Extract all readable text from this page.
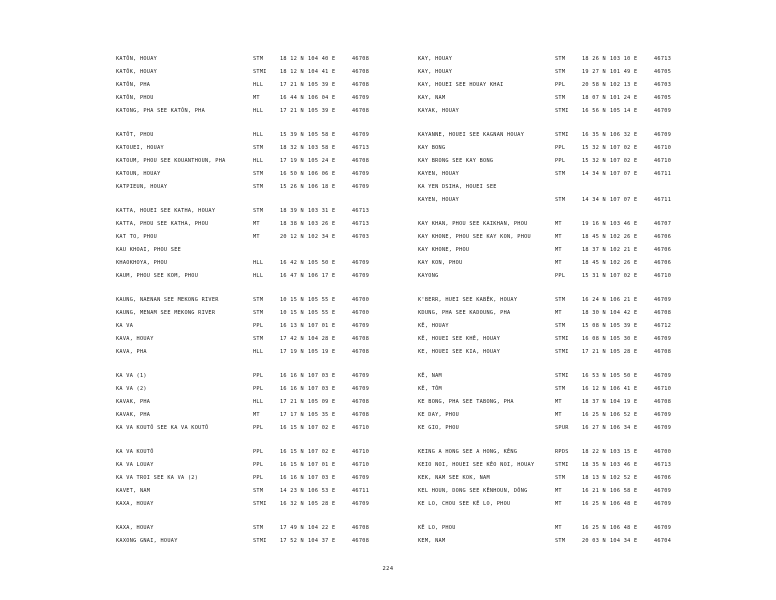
KATÔN, HOUAY	STM	18 12 N 104 40 E	46708
KATÔK, HOUAY	STMI	18 12 N 104 41 E	46708
KATÔN, PHA	HLL	17 21 N 105 39 E	46708
KATÔN, PHOU	MT	16 44 N 106 04 E	46709
KATONG, PHA SEE KATÔN, PHA	HLL	17 21 N 105 39 E	46708
KATÔT, PHOU	HLL	15 39 N 105 58 E	46709
KATOUEI, HOUAY	STM	18 32 N 103 58 E	46713
KATOUM, PHOU SEE KOUANTHOUN, PHA	HLL	17 19 N 105 24 E	46708
KATOUN, HOUAY	STM	16 50 N 106 06 E	46709
KATPIEUN, HOUAY	STM	15 26 N 106 18 E	46709
KATTA, HOUEI SEE KATHA, HOUAY	STM	18 39 N 103 31 E	46713
KATTA, PHOU SEE KATHA, PHOU	MT	18 38 N 103 26 E	46713
KAT TO, PHOU	MT	20 12 N 102 34 E	46703
KAU KHOAI, PHOU SEE
KHAOKHOYA, PHOU	HLL	16 42 N 105 50 E	46709
KAUM, PHOU SEE KOM, PHOU	HLL	16 47 N 106 17 E	46709
KAUNG, NAENAN SEE MEKONG RIVER	STM	10 15 N 105 55 E	46700
KAUNG, MENAM SEE MEKONG RIVER	STM	10 15 N 105 55 E	46700
KA VA	PPL	16 13 N 107 01 E	46709
KAVA, HOUAY	STM	17 42 N 104 28 E	46708
KAVA, PHA	HLL	17 19 N 105 19 E	46708
KA VA (1)	PPL	16 16 N 107 03 E	46709
KA VA (2)	PPL	16 16 N 107 03 E	46709
KAVAK, PHA	HLL	17 21 N 105 09 E	46708
KAVAK, PHA	MT	17 17 N 105 35 E	46708
KA VA KOUTÔ SEE KA VA KOUTÔ	PPL	16 15 N 107 02 E	46710
KA VA KOUTÔ	PPL	16 15 N 107 02 E	46710
KA VA LOUAY	PPL	16 15 N 107 01 E	46710
KA VA TROI SEE KA VA (2)	PPL	16 16 N 107 03 E	46709
KAVET, NAM	STM	14 23 N 106 53 E	46711
KAXA, HOUAY	STMI	16 32 N 105 28 E	46709
KAXA, HOUAY	STM	17 49 N 104 22 E	46708
KAXONG GNAI, HOUAY	STMI	17 52 N 104 37 E	46708
KAY, HOUAY	STM	18 26 N 103 10 E	46713
KAY, HOUAY	STM	19 27 N 101 49 E	46705
KAY, HOUEI SEE HOUAY KHAI	PPL	20 58 N 102 13 E	46703
KAY, NAM	STM	18 07 N 101 24 E	46705
KAYAK, HOUAY	STMI	16 56 N 105 14 E	46709
KAYANNE, HOUEI SEE KAGNAN HOUAY	STMI	16 35 N 106 32 E	46709
KAY BONG	PPL	15 32 N 107 02 E	46710
KAY BRONG SEE KAY BONG	PPL	15 32 N 107 02 E	46710
KAYEN, HOUAY	STM	14 34 N 107 07 E	46711
KA YEN DSIHA, HOUEI SEE
KAYEN, HOUAY	STM	14 34 N 107 07 E	46711
KAY KHAN, PHOU SEE KAIKHAN, PHOU	MT	19 16 N 103 46 E	46707
KAY KHONE, PHOU SEE KAY KON, PHOU	MT	18 45 N 102 26 E	46706
KAY KHONE, PHOU	MT	18 37 N 102 21 E	46706
KAY KON, PHOU	MT	18 45 N 102 26 E	46706
KAYONG	PPL	15 31 N 107 02 E	46710
K'BERR, HUEI SEE KABÊK, HOUAY	STM	16 24 N 106 21 E	46709
KDUNG, PHA SEE KADOUNG, PHA	MT	18 30 N 104 42 E	46708
KÊ, HOUAY	STM	15 08 N 105 39 E	46712
KÊ, HOUEI SEE KHÊ, HOUAY	STMI	16 08 N 105 30 E	46709
KE, HOUEI SEE KIA, HOUAY	STMI	17 21 N 105 28 E	46708
KÊ, NAM	STMI	16 53 N 105 50 E	46709
KÊ, TÔM	STM	16 12 N 106 41 E	46710
KE BONG, PHA SEE TABONG, PHA	MT	18 37 N 104 19 E	46708
KE DAY, PHOU	MT	16 25 N 106 52 E	46709
KE GIO, PHOU	SPUR	16 27 N 106 34 E	46709
KEING A HONG SEE A HONG, KÊNG	RPDS	18 22 N 103 15 E	46700
KEIO NOI, HOUEI SEE KÊO NOI, HOUAY	STMI	18 35 N 103 46 E	46713
KEK, NAM SEE KOK, NAM	STM	18 13 N 102 52 E	46706
KEL HOUN, DONG SEE KÊNHOUN, DÔNG	MT	16 21 N 106 58 E	46709
KE LO, CHOU SEE KÊ LO, PHOU	MT	16 25 N 106 48 E	46709
KÊ LO, PHOU	MT	16 25 N 106 48 E	46709
KEM, NAM	STM	20 03 N 104 34 E	46704
224
